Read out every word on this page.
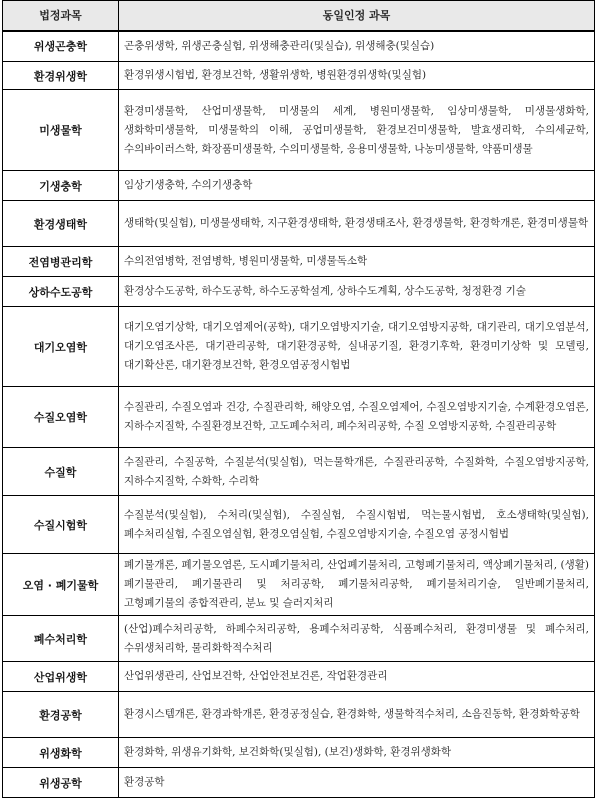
법정과목	동일인정 과목
위생곤충학	곤충위생학, 위생곤충실험, 위생해충관리(및실습), 위생해충(및실습)
환경위생학	환경위생시험법, 환경보건학, 생활위생학, 병원환경위생학(및실험)
미생물학	환경미생물학, 산업미생물학, 미생물의 세계, 병원미생물학, 임상미생물학, 미생물생화학, 생화학미생물학, 미생물학의 이해, 공업미생물학, 환경보건미생물학, 발효생리학, 수의세균학, 수의바이러스학, 화장품미생물학, 수의미생물학, 응용미생물학, 나농미생물학, 약품미생물
기생충학	임상기생충학, 수의기생충학
환경생태학	생태학(및실험), 미생물생태학, 지구환경생태학, 환경생태조사, 환경생물학, 환경학개론, 환경미생물학
전염병관리학	수의전염병학, 전염병학, 병원미생물학, 미생물독소학
상하수도공학	환경상수도공학, 하수도공학, 하수도공학설계, 상하수도계획, 상수도공학, 청정환경 기술
대기오염학	대기오염기상학, 대기오염제어(공학), 대기오염방지기술, 대기오염방지공학, 대기관리, 대기오염분석, 대기오염조사론, 대기관리공학, 대기환경공학, 실내공기질, 환경기후학, 환경미기상학 및 모델링, 대기확산론, 대기환경보건학, 환경오염공정시험법
수질오염학	수질관리, 수질오염과 건강, 수질관리학, 해양오염, 수질오염제어, 수질오염방지기술, 수계환경오염론, 지하수지질학, 수질환경보건학, 고도폐수처리, 폐수처리공학, 수질 오염방지공학, 수질관리공학
수질학	수질관리, 수질공학, 수질분석(및실험), 먹는물학개론, 수질관리공학, 수질화학, 수질오염방지공학, 지하수지질학, 수화학, 수리학
수질시험학	수질분석(및실험), 수처리(및실험), 수질실험, 수질시험법, 먹는물시험법, 호소생태학(및실험), 폐수처리실험, 수질오염실험, 환경오염실험, 수질오염방지기술, 수질오염 공정시험법
오염 · 폐기물학	폐기물개론, 폐기물오염론, 도시폐기물처리, 산업폐기물처리, 고형폐기물처리, 액상폐기물처리, (생활)폐기물관리, 폐기물관리 및 처리공학, 폐기물처리공학, 폐기물처리기술, 일반폐기물처리, 고형폐기물의 종합적관리, 분뇨 및 슬러지처리
폐수처리학	(산업)폐수처리공학, 하폐수처리공학, 용폐수처리공학, 식품폐수처리, 환경미생물 및 폐수처리, 수위생처리학, 물리화학적수처리
산업위생학	산업위생관리, 산업보건학, 산업안전보건론, 작업환경관리
환경공학	환경시스템개론, 환경과학개론, 환경공정실습, 환경화학, 생물학적수처리, 소음진동학, 환경화학공학
위생화학	환경화학, 위생유기화학, 보건화학(및실험), (보건)생화학, 환경위생화학
위생공학	환경공학
